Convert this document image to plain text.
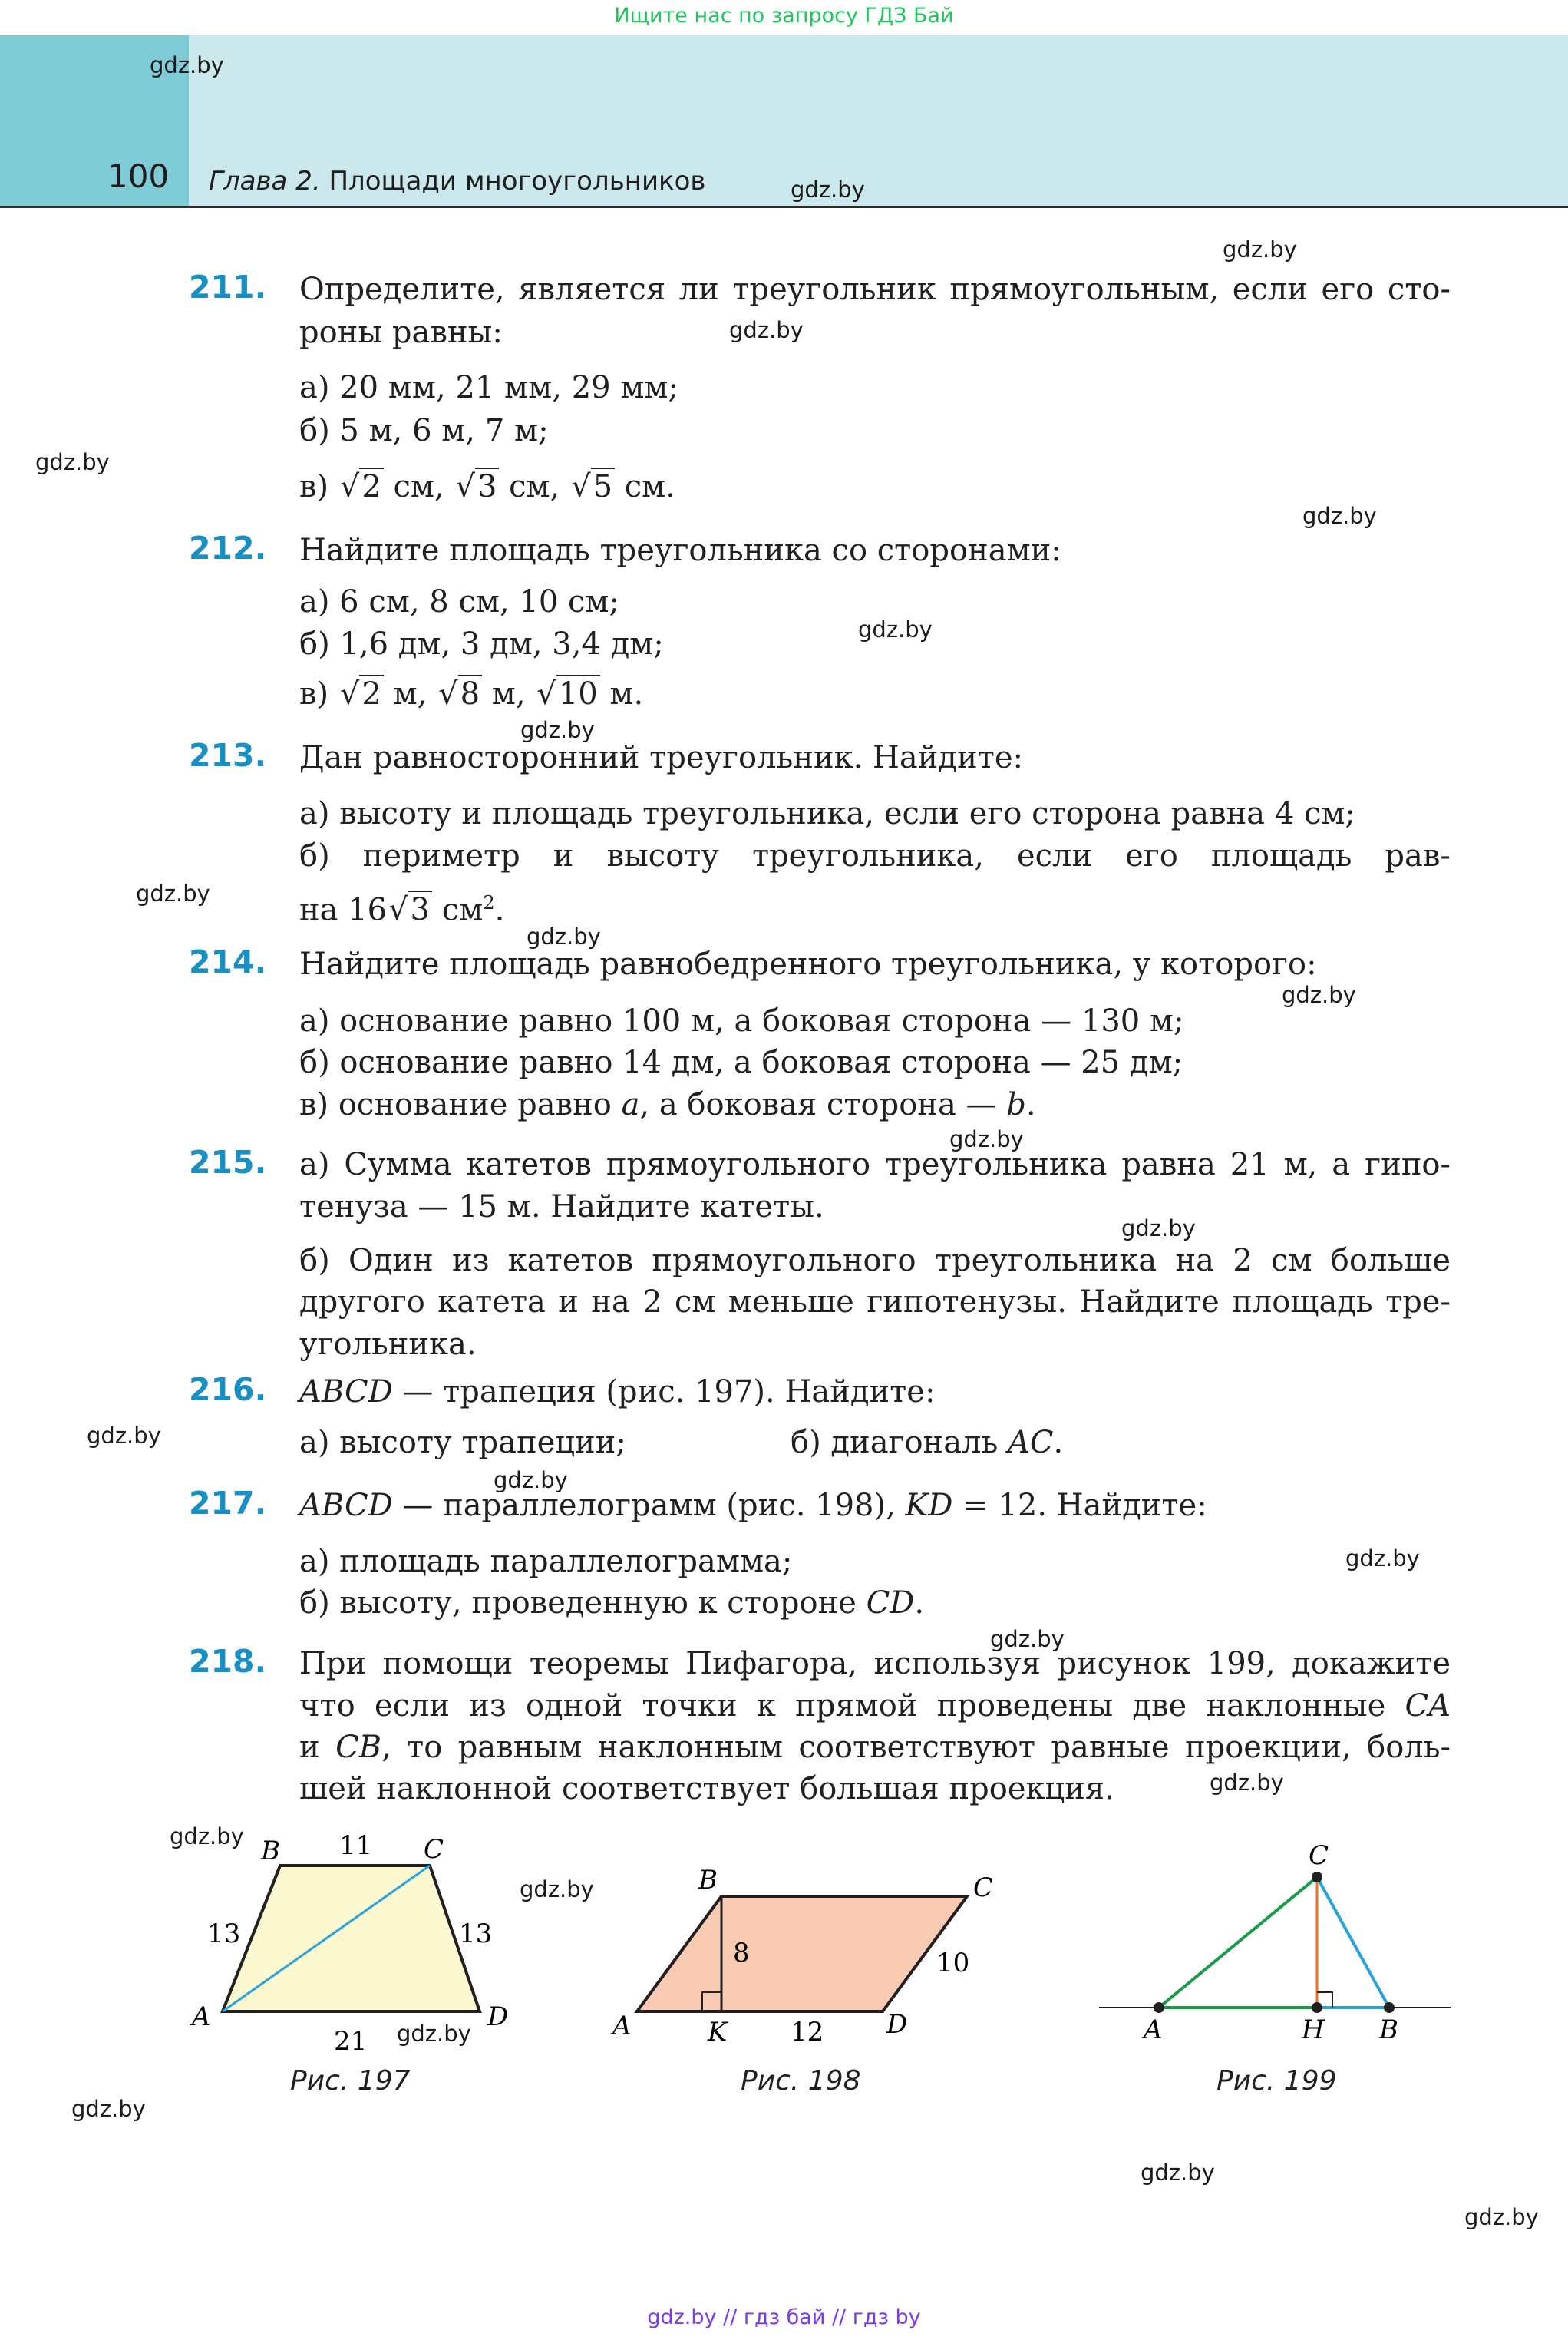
Ищите нас по запросу ГДЗ Бай
100 Глава 2. Площади многоугольников
gdz.by
gdz.by
gdz.by
gdz.by
gdz.by
gdz.by
gdz.by
gdz.by
gdz.by
gdz.by
gdz.by
gdz.by
gdz.by
gdz.by
gdz.by
gdz.by
gdz.by
gdz.by
gdz.by
gdz.by
gdz.by
gdz.by
gdz.by
gdz.by
211. Определите, является ли треугольник прямоугольным, если его сто-
роны равны:
а) 20 мм, 21 мм, 29 мм;
б) 5 м, 6 м, 7 м;
в) √2 см, √3 см, √5 см.
212. Найдите площадь треугольника со сторонами:
а) 6 см, 8 см, 10 см;
б) 1,6 дм, 3 дм, 3,4 дм;
в) √2 м, √8 м, √10 м.
213. Дан равносторонний треугольник. Найдите:
а) высоту и площадь треугольника, если его сторона равна 4 см;
б) периметр и высоту треугольника, если его площадь рав-
на 16√3 $см^2$.
214. Найдите площадь равнобедренного треугольника, у которого:
а) основание равно 100 м, а боковая сторона — 130 м;
б) основание равно 14 дм, а боковая сторона — 25 дм;
в) основание равно a, а боковая сторона — b.
215. а) Сумма катетов прямоугольного треугольника равна 21 м, а гипо-
тенуза — 15 м. Найдите катеты.
б) Один из катетов прямоугольного треугольника на 2 см больше
другого катета и на 2 см меньше гипотенузы. Найдите площадь тре-
угольника.
216. ABCD — трапеция (рис. 197). Найдите:
а) высоту трапеции;	б) диагональ AC.
217. ABCD — параллелограмм (рис. 198), KD = 12. Найдите:
а) площадь параллелограмма;
б) высоту, проведенную к стороне CD.
218. При помощи теоремы Пифагора, используя рисунок 199, докажите
что если из одной точки к прямой проведены две наклонные CA
и CB, то равным наклонным соответствуют равные проекции, боль-
шей наклонной соответствует большая проекция.
B	C
A	D
11
13	13
21
B	C
A	D
K
8	10
12
C
A	H B
Рис. 197	Рис. 198	Рис. 199
gdz.by // гдз бай // гдз by
